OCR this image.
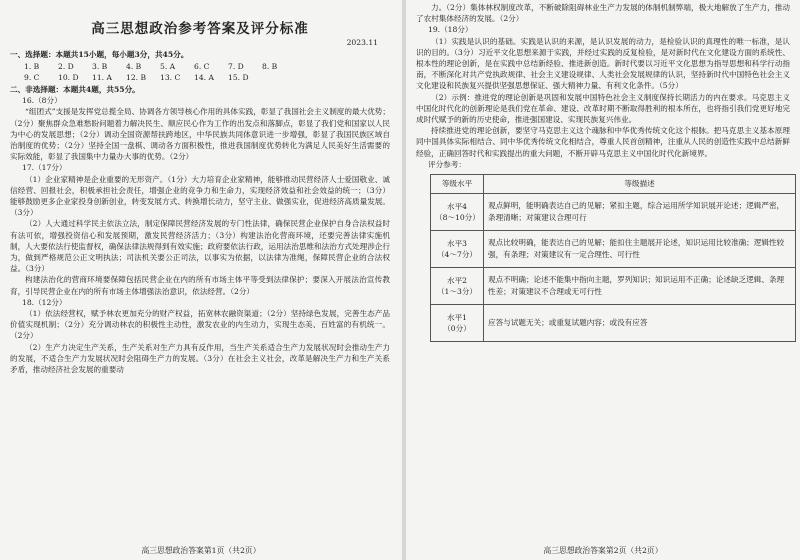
高三思想政治参考答案及评分标准
2023.11
一、选择题：本题共15小题，每小题3分，共45分。
1. B	2. D	3. B	4. B	5. A	6. C	7. D	8. B
9. C	10. D	11. A	12. B	13. C	14. A	15. D
二、非选择题：本题共4题，共55分。
16.（8分）

“组团式”支援是发挥党总揽全局、协调各方领导核心作用的具体实践，彰显了我国社会主义制度的最大优势；（2分）聚焦群众急难愁盼问题着力解决民生、顺应民心作为工作的出发点和落脚点，彰显了我们党和国家以人民为中心的发展思想；（2分）调动全国资源帮扶跨地区，中华民族共同体意识进一步增强，彰显了我国民族区域自治制度的优势；（2分）坚持全国一盘棋、调动各方面积极性，推进我国制度优势转化为满足人民美好生活需要的实际效能，彰显了我国集中力量办大事的优势。（2分）

17.（17分）

（1）企业家精神是企业重要的无形资产。（1分）大力培育企业家精神，能够推动民营经济人士爱国敬业、诚信经营、回报社会，积极承担社会责任，增强企业的竞争力和生命力，实现经济效益和社会效益的统一；（3分）能够鼓励更多企业家投身创新创业，转变发展方式、转换增长动力，坚守主业、做强实业，促进经济高质量发展。（3分）

（2）人大通过科学民主依法立法，制定保障民营经济发展的专门性法律，确保民营企业保护自身合法权益时有法可依，增强投资信心和发展预期，激发民营经济活力；（3分）构建法治化营商环境，还要完善法律实施机制，人大要依法行使监督权，确保法律法规得到有效实施；政府要依法行政，运用法治思维和法治方式处理涉企行为，做到严格规范公正文明执法；司法机关要公正司法，以事实为依据，以法律为准绳，保障民营企业的合法权益。（3分）

构建法治化的营商环境要保障包括民营企业在内的所有市场主体平等受到法律保护；要深入开展法治宣传教育，引导民营企业在内的所有市场主体增强法治意识，依法经营。（2分）

18.（12分）

（1）依法经营权，赋予林农更加充分的财产权益，拓宽林农融资渠道；（2分）坚持绿色发展，完善生态产品价值实现机制；（2分）充分调动林农的积极性主动性，激发农业的内生动力，实现生态美、百姓富的有机统一。（2分）

（2）生产力决定生产关系，生产关系对生产力具有反作用，当生产关系适合生产力发展状况时会推动生产力的发展，不适合生产力发展状况时会阻碍生产力的发展。（3分）在社会主义社会，改革是解决生产力和生产关系矛盾，推动经济社会发展的重要动

高三思想政治答案第1页（共2页）

力。（2分）集体林权制度改革，不断破除阻碍林业生产力发展的体制机制弊端，极大地解放了生产力，推动了农村集体经济的发展。（2分）

19.（18分）

（1）实践是认识的基础。实践是认识的来源，是认识发展的动力，是检验认识的真理性的唯一标准，是认识的目的。（3分）习近平文化思想来源于实践，并经过实践的反复检验，是对新时代在文化建设方面的系统性、根本性的理论创新，是在实践中总结新经验、推进新创造。新时代要以习近平文化思想为指导思想和科学行动指南，不断深化对共产党执政规律、社会主义建设规律、人类社会发展规律的认识，坚持新时代中国特色社会主义文化建设和民族复兴提供坚强思想保证、强大精神力量、有利文化条件。（5分）

（2）示例：推进党的理论创新是巩固和发展中国特色社会主义制度保持长期活力的内在要求。马克思主义中国化时代化的创新理论是我们党在革命、建设、改革时期不断取得胜利的根本所在，也将指引我们党更好地完成时代赋予的新的历史使命，推进强国建设、实现民族复兴伟业。

持续推进党的理论创新，要坚守马克思主义这个魂脉和中华优秀传统文化这个根脉。把马克思主义基本原理同中国具体实际相结合、同中华优秀传统文化相结合，尊重人民首创精神，注重从人民的创造性实践中总结新鲜经验，正确回答时代和实践提出的重大问题，不断开辟马克思主义中国化时代化新境界。

评分参考：
等级水平	等级描述

水平4
（8～10分）	观点鲜明，能明确表达自己的见解；紧扣主题，综合运用所学知识展开论述；逻辑严密，条理清晰；对策建议合理可行

水平3
（4～7分）	观点比较明确，能表达自己的见解；能扣住主题展开论述，知识运用比较准确；逻辑性较强，有条理；对策建议有一定合理性、可行性

水平2
（1～3分）	观点不明确；论述不能集中指向主题，罗列知识；知识运用不正确；论述缺乏逻辑、条理性差；对策建议不合理或无可行性

水平1
（0分）	应答与试题无关；或重复试题内容；或没有应答
高三思想政治答案第2页（共2页）
